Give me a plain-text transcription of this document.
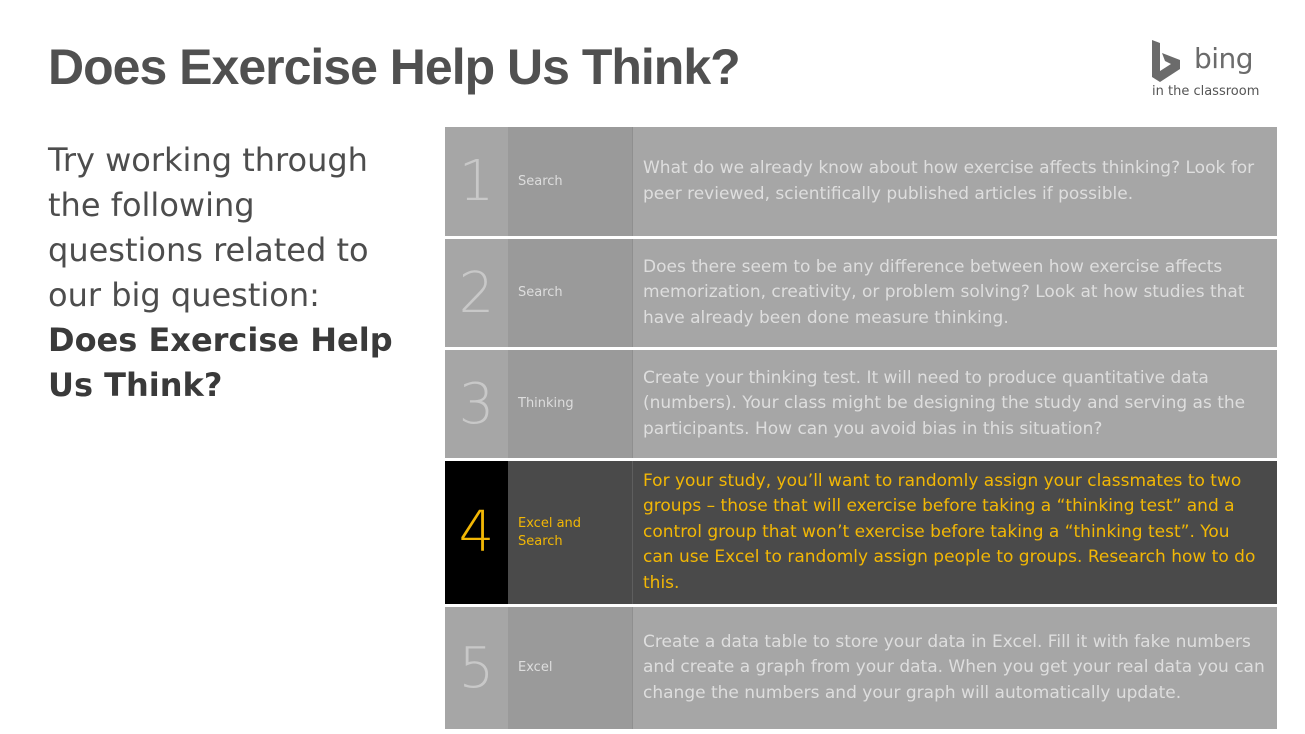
Does Exercise Help Us Think?	bing
in the classroom
Try working through the following questions related to our big question: Does Exercise Help Us Think?
1	Search
What do we already know about how exercise affects thinking? Look for peer reviewed, scientifically published articles if possible.
2	Search
Does there seem to be any difference between how exercise affects memorization, creativity, or problem solving? Look at how studies that have already been done measure thinking.
3	Thinking
Create your thinking test. It will need to produce quantitative data (numbers). Your class might be designing the study and serving as the participants. How can you avoid bias in this situation?
4	Excel and Search
For your study, you’ll want to randomly assign your classmates to two groups – those that will exercise before taking a “thinking test” and a control group that won’t exercise before taking a “thinking test”. You can use Excel to randomly assign people to groups. Research how to do this.
5	Excel
Create a data table to store your data in Excel. Fill it with fake numbers and create a graph from your data. When you get your real data you can change the numbers and your graph will automatically update.
